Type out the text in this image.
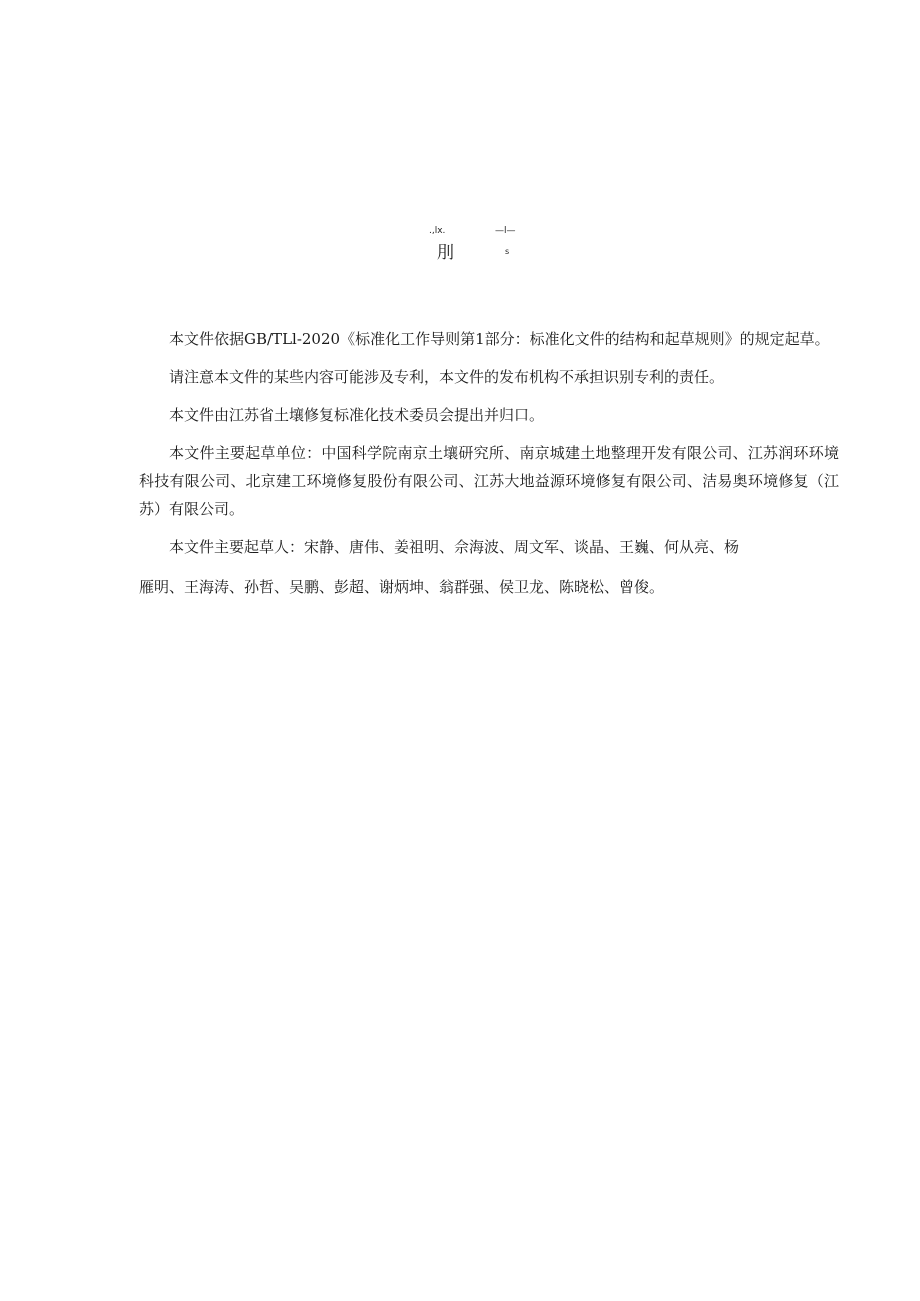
.,lx.	—l—
刖	s

本文件依据GB/TLl-2020《标准化工作导则第1部分：标准化文件的结构和起草规则》的规定起草。

请注意本文件的某些内容可能涉及专利，本文件的发布机构不承担识别专利的责任。

本文件由江苏省土壤修复标准化技术委员会提出并归口。

本文件主要起草单位：中国科学院南京土壤研究所、南京城建土地整理开发有限公司、江苏润环环境科技有限公司、北京建工环境修复股份有限公司、江苏大地益源环境修复有限公司、洁易奥环境修复（江苏）有限公司。

本文件主要起草人：宋静、唐伟、姜祖明、佘海波、周文军、谈晶、王巍、何从亮、杨

雁明、王海涛、孙哲、吴鹏、彭超、谢炳坤、翁群强、侯卫龙、陈晓松、曾俊。
